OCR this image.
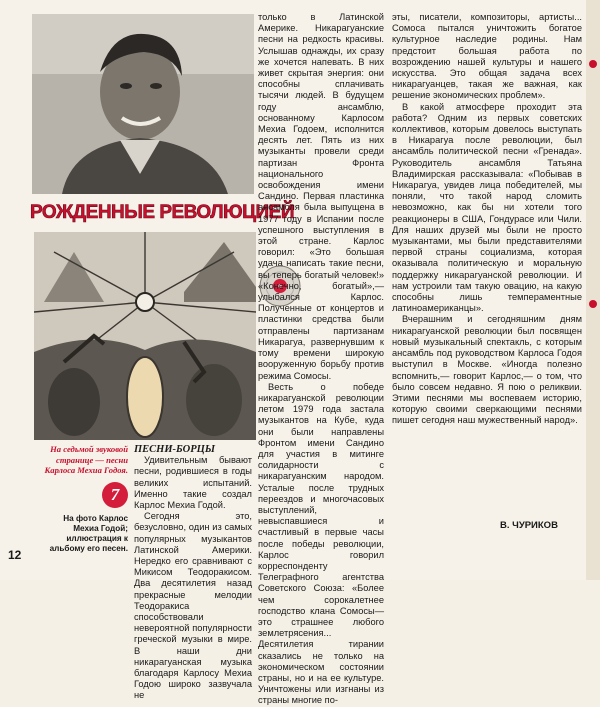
РОЖДЕННЫЕ РЕВОЛЮЦИЕЙ

На седьмой звуковой странице — песни Карлоса Мехиа Годоя.

7

На фото Карлос Мехиа Годой; иллюстрация к альбому его песен.

ПЕСНИ-БОРЦЫ

Удивительным бывают песни, родившиеся в годы великих испытаний. Именно такие создал Карлос Мехиа Годой.

Сегодня это, безусловно, один из самых популярных музыкантов Латинской Америки. Нередко его сравнивают с Микисом Теодоракисом. Два десятилетия назад прекрасные мелодии Теодоракиса способствовали невероятной популярности греческой музыки в мире. В наши дни никарагуанская музыка благодаря Карлосу Мехиа Годою широко зазвучала не

только в Латинской Америке. Никарагуанские песни на редкость красивы. Услышав однажды, их сразу же хочется напевать. В них живет скрытая энергия: они способны сплачивать тысячи людей. В будущем году ансамблю, основанному Карлосом Мехиа Годоем, исполнится десять лет. Пять из них музыканты провели среди партизан Фронта национального освобождения имени Сандино. Первая пластинка ансамбля была выпущена в 1977 году в Испании после успешного выступления в этой стране. Карлос говорил: «Это большая удача написать такие песни, вы теперь богатый человек!» «Конечно, богатый»,— улыбался Карлос. Полученные от концертов и пластинки средства были отправлены партизанам Никарагуа, развернувшим к тому времени широкую вооруженную борьбу против режима Сомосы.

Весть о победе никарагуанской революции летом 1979 года застала музыкантов на Кубе, куда они были направлены Фронтом имени Сандино для участия в митинге солидарности с никарагуанским народом. Усталые после трудных переездов и многочасовых выступлений, невыспавшиеся и счастливый в первые часы после победы революции, Карлос говорил корреспонденту Телеграфного агентства Советского Союза: «Более чем сорокалетнее господство клана Сомосы—это страшнее любого землетрясения... Десятилетия тирании сказались не только на экономическом состоянии страны, но и на ее культуре. Уничтожены или изгнаны из страны многие по-

эты, писатели, композиторы, артисты... Сомоса пытался уничтожить богатое культурное наследие родины. Нам предстоит большая работа по возрождению нашей культуры и нашего искусства. Это общая задача всех никарагуанцев, такая же важная, как решение экономических проблем».

В какой атмосфере проходит эта работа? Одним из первых советских коллективов, которым довелось выступать в Никарагуа после революции, был ансамбль политической песни «Гренада». Руководитель ансамбля Татьяна Владимирская рассказывала: «Побывав в Никарагуа, увидев лица победителей, мы поняли, что такой народ сломить невозможно, как бы ни хотели того реакционеры в США, Гондурасе или Чили. Для наших друзей мы были не просто музыкантами, мы были представителями первой страны социализма, которая оказывала политическую и моральную поддержку никарагуанской революции. И нам устроили там такую овацию, на какую способны лишь темпераментные латиноамериканцы».

Вчерашним и сегодняшним дням никарагуанской революции был посвящен новый музыкальный спектакль, с которым ансамбль под руководством Карлоса Годоя выступил в Москве. «Иногда полезно вспомнить,— говорит Карлос,— о том, что было совсем недавно. Я пою о реликвии. Этими песнями мы воспеваем историю, которую своими сверкающими песнями пишет сегодня наш мужественный народ».

В. ЧУРИКОВ
12
